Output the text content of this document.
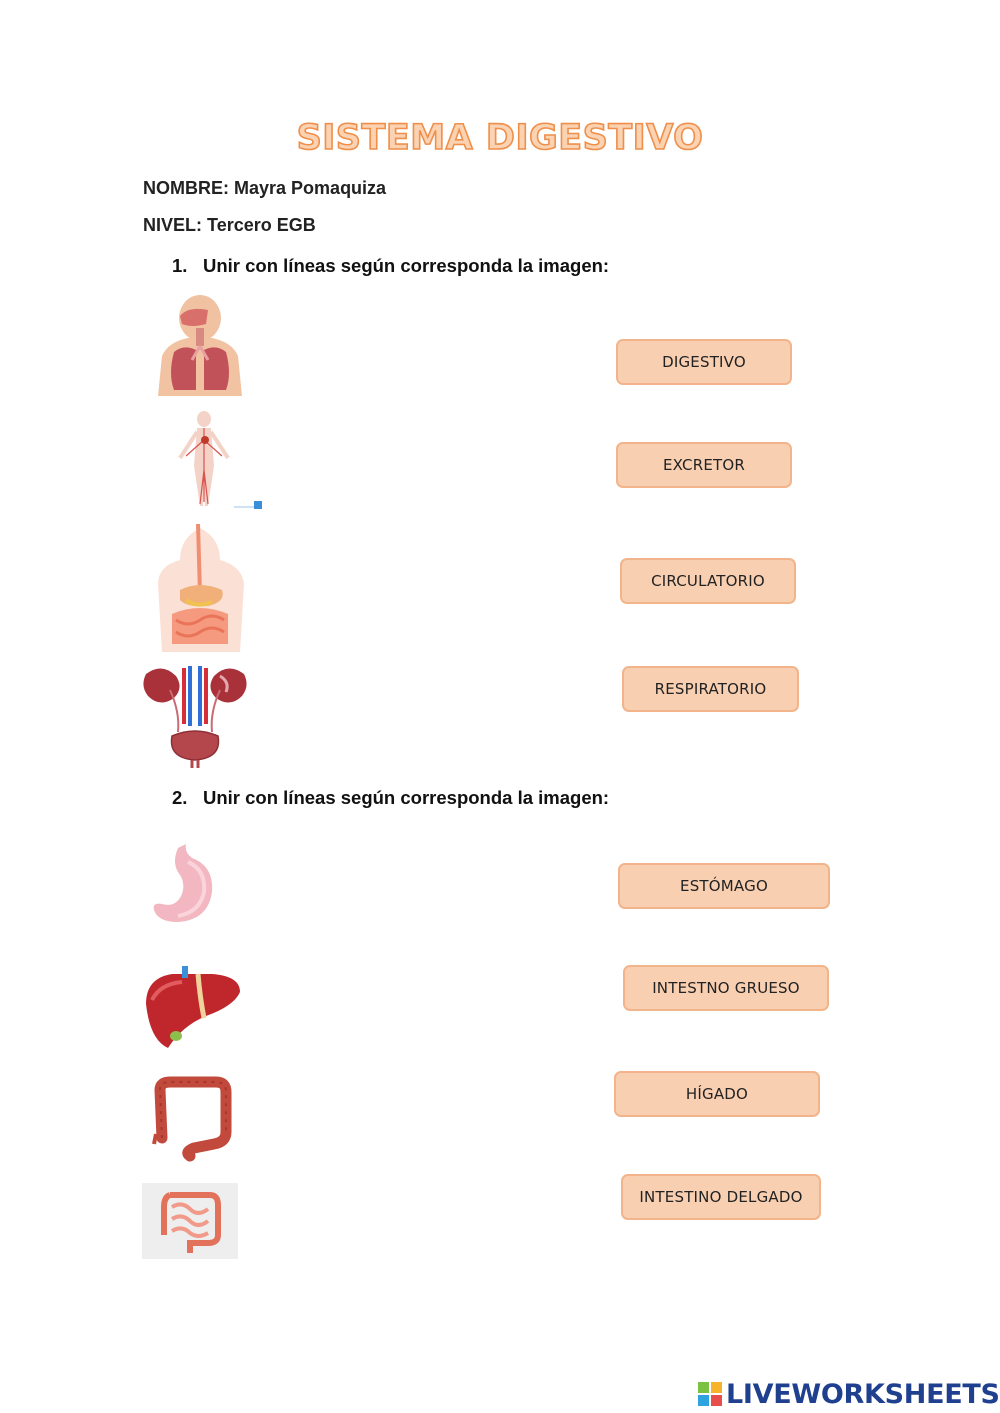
SISTEMA DIGESTIVO
NOMBRE: Mayra Pomaquiza
NIVEL: Tercero EGB
1. Unir con líneas según corresponda la imagen:
DIGESTIVO
EXCRETOR
CIRCULATORIO
RESPIRATORIO
2. Unir con líneas según corresponda la imagen:
ESTÓMAGO
INTESTNO GRUESO
HÍGADO
INTESTINO DELGADO
LIVEWORKSHEETS
